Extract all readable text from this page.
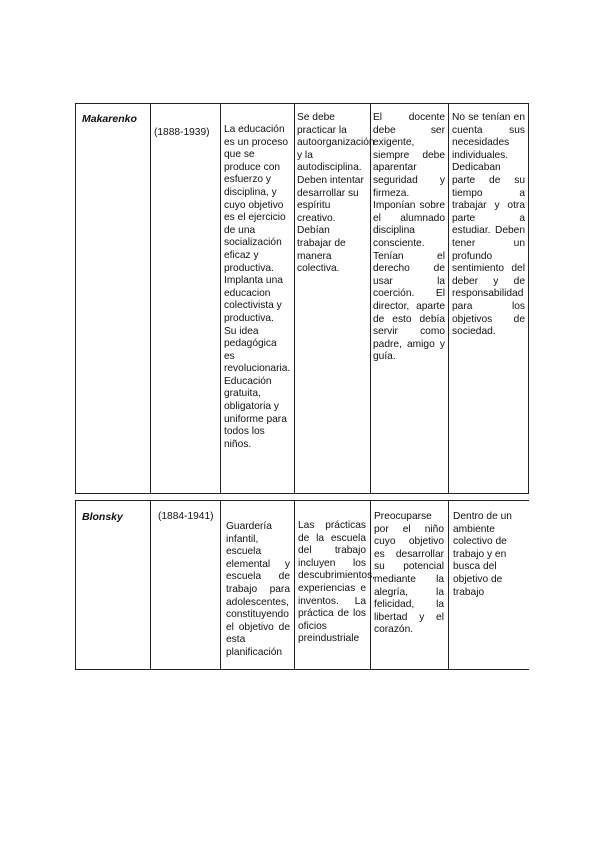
Makarenko
(1888-1939) La educación es un proceso que se produce con esfuerzo y disciplina, y cuyo objetivo es el ejercicio de una socialización eficaz y productiva. Implanta una educacion colectivista y productiva. Su idea pedagógica es revolucionaria. Educación gratuita, obligatoria y uniforme para todos los niños.
Se debe practicar la autoorganización y la autodisciplina. Deben intentar desarrollar su espíritu creativo. Debían trabajar de manera colectiva.
El docente debe ser exigente, siempre debe aparentar seguridad y firmeza. Imponían sobre el alumnado disciplina consciente. Tenían el derecho de usar la coerción. El director, aparte de esto debía servir como padre, amigo y guía.
No se tenían en cuenta sus necesidades individuales. Dedicaban parte de su tiempo a trabajar y otra parte a estudiar. Deben tener un profundo sentimiento del deber y de responsabilidad para los objetivos de sociedad.
Blonsky	(1884-1941)
Guardería infantil, escuela elemental y escuela de trabajo para adolescentes, constituyendo el objetivo de esta planificación
Las prácticas de la escuela del trabajo incluyen los descubrimientos, experiencias e inventos. La práctica de los oficios preindustriale
Preocuparse por el niño cuyo objetivo es desarrollar su potencial mediante la alegría, la felicidad, la libertad y el corazón.
Dentro de un ambiente colectivo de trabajo y en busca del objetivo de trabajo
